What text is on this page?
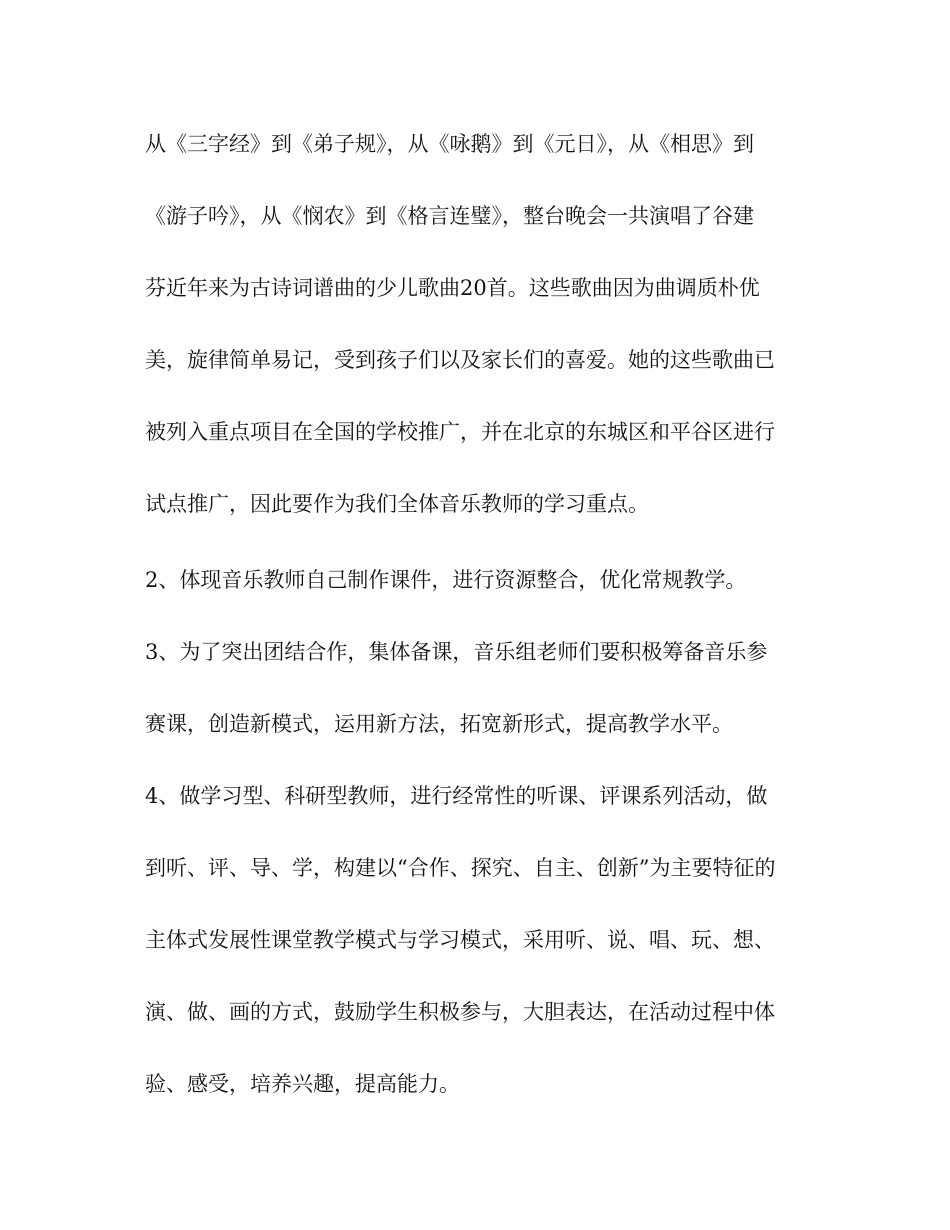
从《三字经》到《弟子规》，从《咏鹅》到《元日》，从《相思》到
《游子吟》，从《悯农》到《格言连璧》，整台晚会一共演唱了谷建
芬近年来为古诗词谱曲的少儿歌曲20首。这些歌曲因为曲调质朴优
美，旋律简单易记，受到孩子们以及家长们的喜爱。她的这些歌曲已
被列入重点项目在全国的学校推广，并在北京的东城区和平谷区进行
试点推广，因此要作为我们全体音乐教师的学习重点。
2、体现音乐教师自己制作课件，进行资源整合，优化常规教学。
3、为了突出团结合作，集体备课，音乐组老师们要积极筹备音乐参
赛课，创造新模式，运用新方法，拓宽新形式，提高教学水平。
4、做学习型、科研型教师，进行经常性的听课、评课系列活动，做
到听、评、导、学，构建以“合作、探究、自主、创新”为主要特征的
主体式发展性课堂教学模式与学习模式，采用听、说、唱、玩、想、
演、做、画的方式，鼓励学生积极参与，大胆表达，在活动过程中体
验、感受，培养兴趣，提高能力。
